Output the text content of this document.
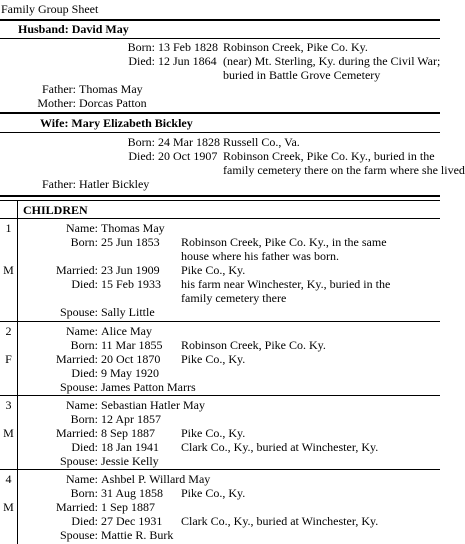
Family Group Sheet
Husband: David May
Born: 13 Feb 1828 Robinson Creek, Pike Co. Ky.
Died: 12 Jun 1864 (near) Mt. Sterling, Ky. during the Civil War;
buried in Battle Grove Cemetery
Father: Thomas May
Mother: Dorcas Patton
Wife: Mary Elizabeth Bickley
Born: 24 Mar 1828 Russell Co., Va.
Died: 20 Oct 1907 Robinson Creek, Pike Co. Ky., buried in the
family cemetery there on the farm where she lived
Father: Hatler Bickley
CHILDREN
1
M
Name: Thomas May
Born: 25 Jun 1853 Robinson Creek, Pike Co. Ky., in the same
house where his father was born.
Married: 23 Jun 1909 Pike Co., Ky.
Died: 15 Feb 1933 his farm near Winchester, Ky., buried in the
family cemetery there
Spouse: Sally Little
2
F
Name: Alice May
Born: 11 Mar 1855 Robinson Creek, Pike Co. Ky.
Married: 20 Oct 1870 Pike Co., Ky.
Died: 9 May 1920
Spouse: James Patton Marrs
3
M
Name: Sebastian Hatler May
Born: 12 Apr 1857
Married: 8 Sep 1887 Pike Co., Ky.
Died: 18 Jan 1941 Clark Co., Ky., buried at Winchester, Ky.
Spouse: Jessie Kelly
4
M
Name: Ashbel P. Willard May
Born: 31 Aug 1858 Pike Co., Ky.
Married: 1 Sep 1887
Died: 27 Dec 1931 Clark Co., Ky., buried at Winchester, Ky.
Spouse: Mattie R. Burk
